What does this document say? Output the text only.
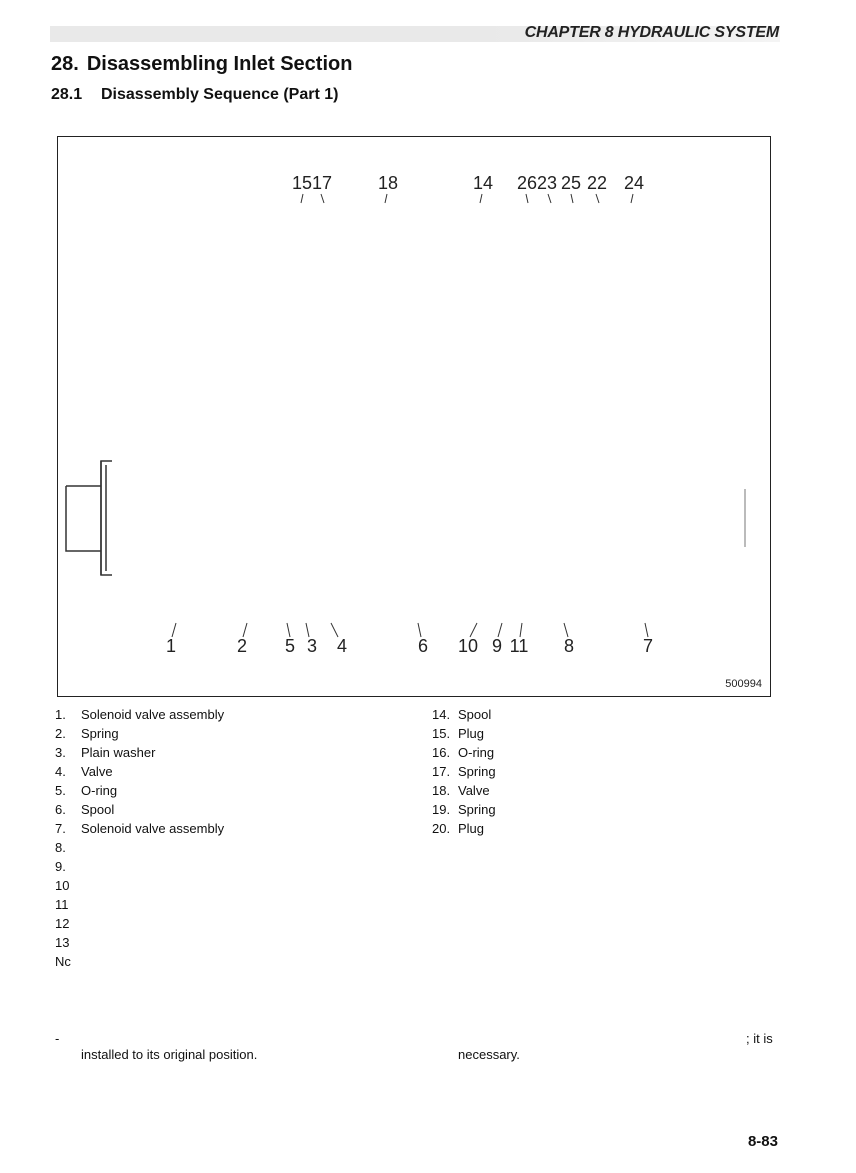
CHAPTER 8 HYDRAULIC SYSTEM
28. Disassembling Inlet Section
28.1 Disassembly Sequence (Part 1)
1517	18	14 2623 25 22 24
1	2 5 3 4	6 10 9 11 8	7
500994
1.	Solenoid valve assembly
2.	Spring
3.	Plain washer
4.	Valve
5.	O-ring
6.	Spool
7.	Solenoid valve assembly
8.
9.
10
11
12
13
Nc
14. Spool
15. Plug
16. O-ring
17. Spring
18. Valve
19. Spring
20. Plug
-	; it is
installed to its original position.	necessary.
8-83
